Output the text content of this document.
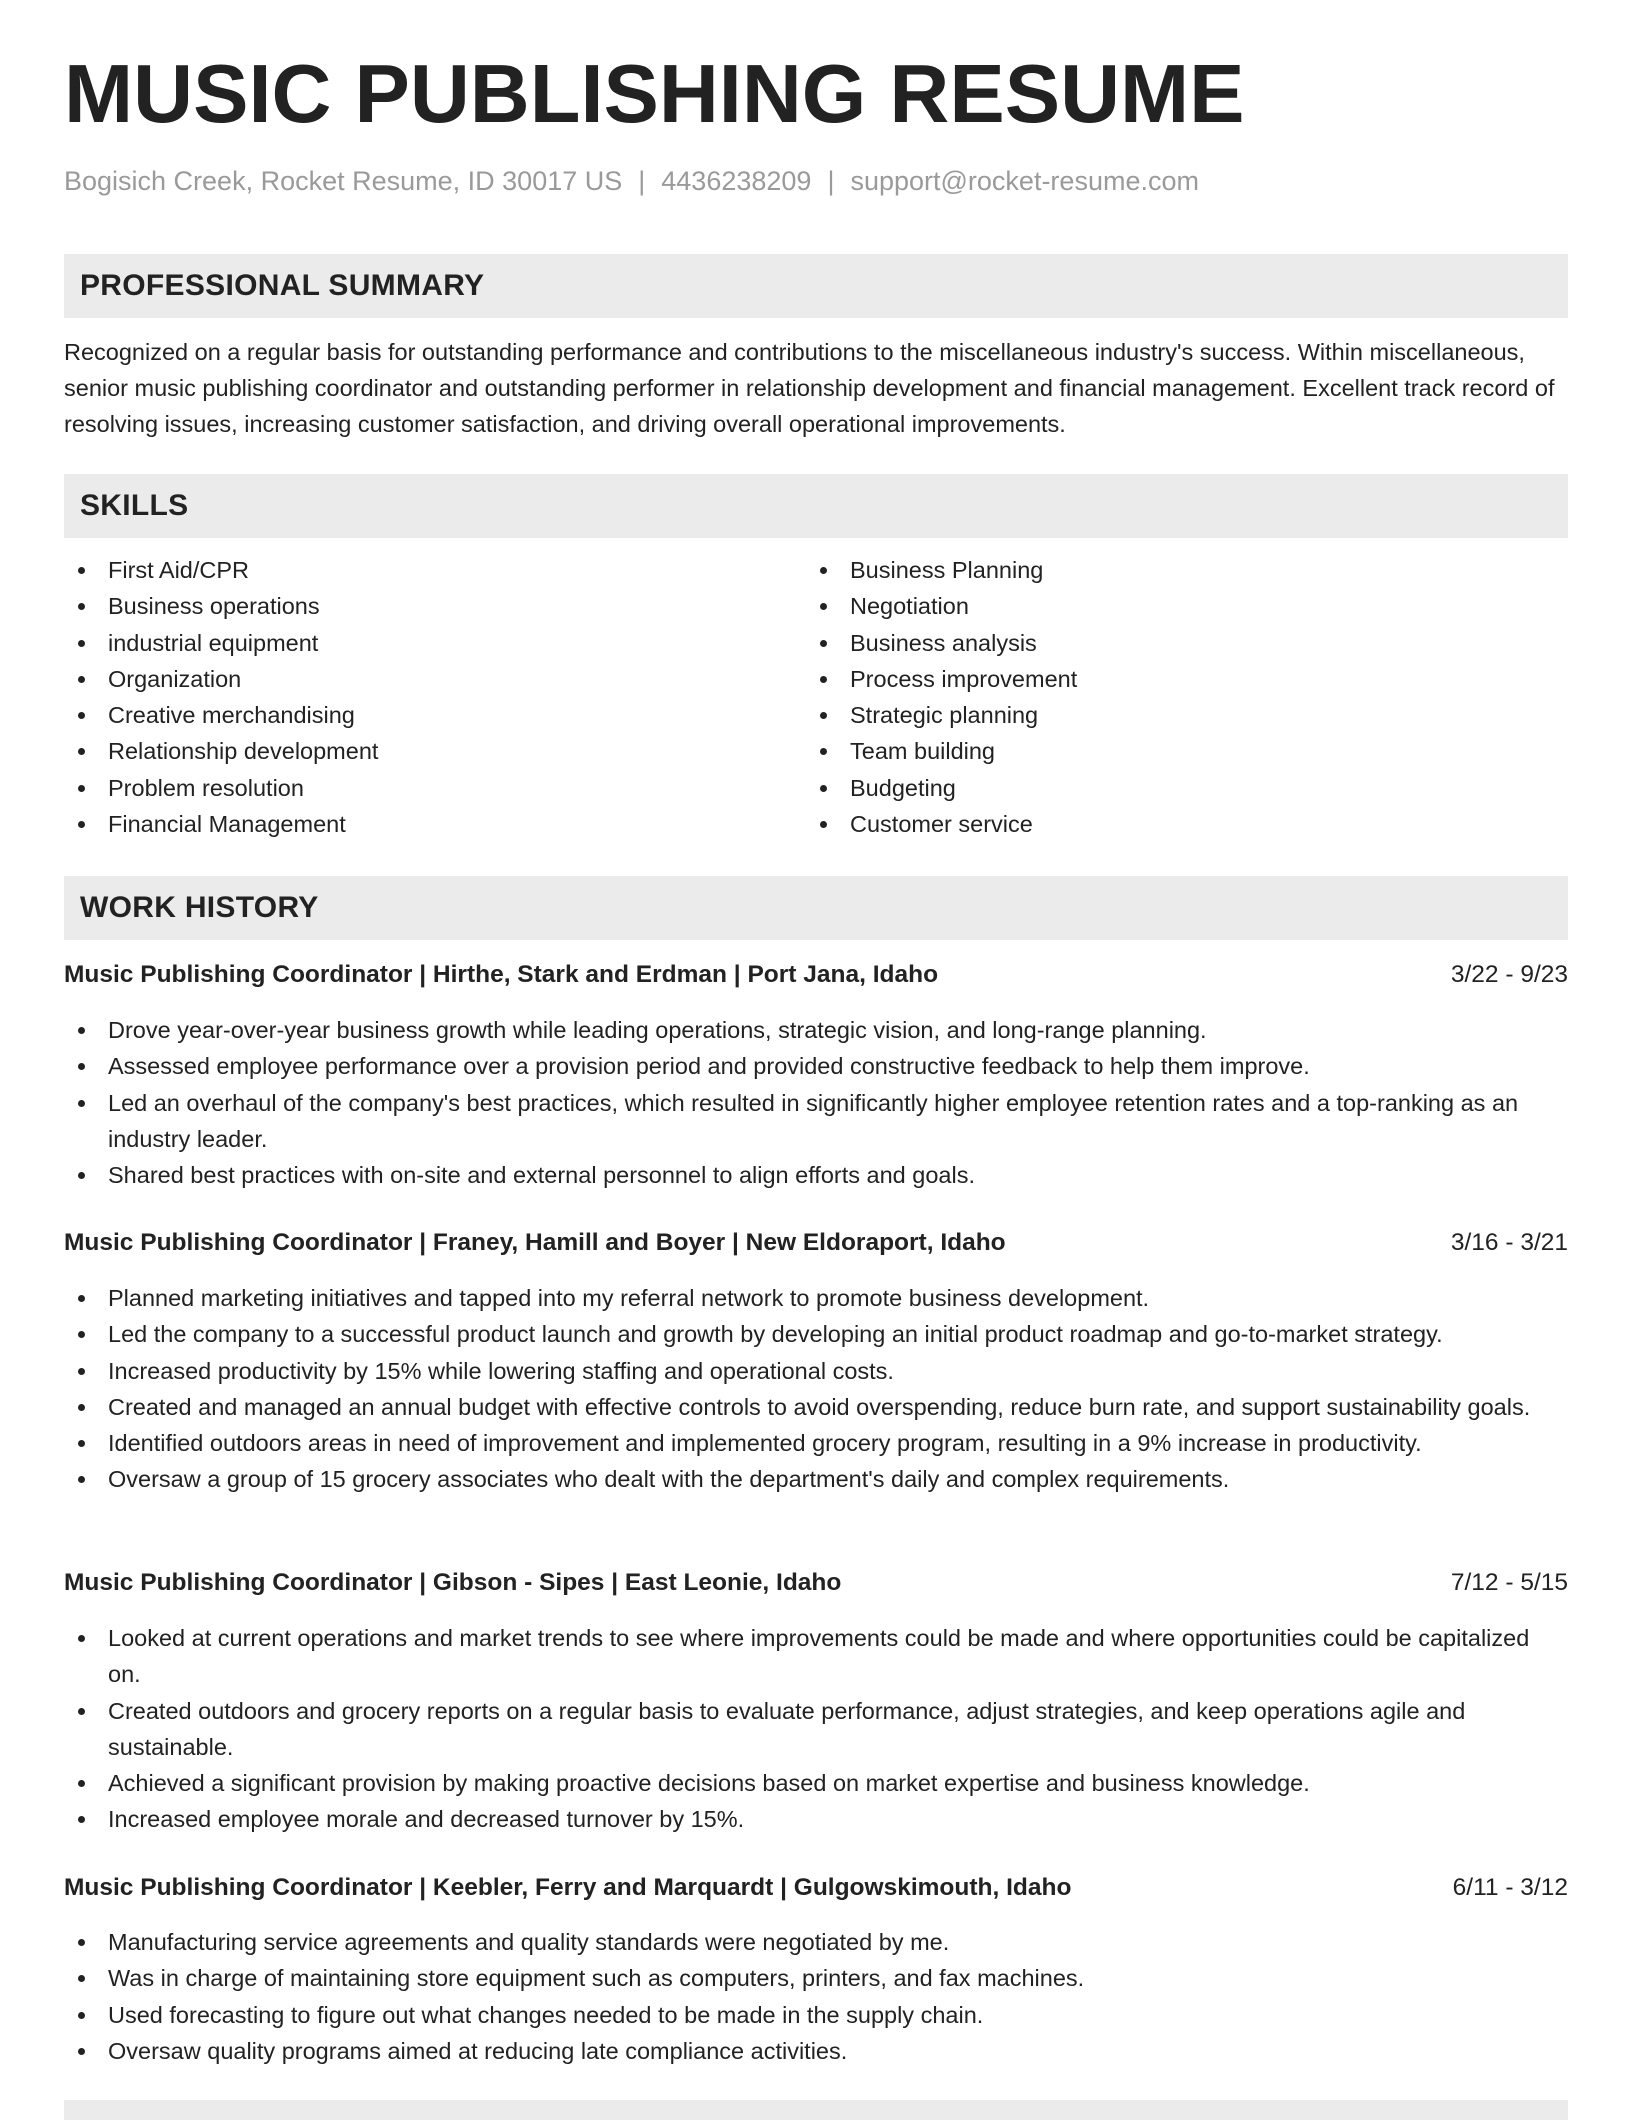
MUSIC PUBLISHING RESUME
Bogisich Creek, Rocket Resume, ID 30017 US | 4436238209 | support@rocket-resume.com
PROFESSIONAL SUMMARY

Recognized on a regular basis for outstanding performance and contributions to the miscellaneous industry's success. Within miscellaneous, senior music publishing coordinator and outstanding performer in relationship development and financial management. Excellent track record of resolving issues, increasing customer satisfaction, and driving overall operational improvements.

SKILLS
First Aid/CPR
Business operations
industrial equipment
Organization
Creative merchandising
Relationship development
Problem resolution
Financial Management
Business Planning
Negotiation
Business analysis
Process improvement
Strategic planning
Team building
Budgeting
Customer service
WORK HISTORY
Music Publishing Coordinator | Hirthe, Stark and Erdman | Port Jana, Idaho	3/22 - 9/23
Drove year-over-year business growth while leading operations, strategic vision, and long-range planning.
Assessed employee performance over a provision period and provided constructive feedback to help them improve.
Led an overhaul of the company's best practices, which resulted in significantly higher employee retention rates and a top-ranking as an industry leader.
Shared best practices with on-site and external personnel to align efforts and goals.
Music Publishing Coordinator | Franey, Hamill and Boyer | New Eldoraport, Idaho	3/16 - 3/21
Planned marketing initiatives and tapped into my referral network to promote business development.
Led the company to a successful product launch and growth by developing an initial product roadmap and go-to-market strategy.
Increased productivity by 15% while lowering staffing and operational costs.
Created and managed an annual budget with effective controls to avoid overspending, reduce burn rate, and support sustainability goals.
Identified outdoors areas in need of improvement and implemented grocery program, resulting in a 9% increase in productivity.
Oversaw a group of 15 grocery associates who dealt with the department's daily and complex requirements.
Music Publishing Coordinator | Gibson - Sipes | East Leonie, Idaho	7/12 - 5/15
Looked at current operations and market trends to see where improvements could be made and where opportunities could be capitalized on.
Created outdoors and grocery reports on a regular basis to evaluate performance, adjust strategies, and keep operations agile and sustainable.
Achieved a significant provision by making proactive decisions based on market expertise and business knowledge.
Increased employee morale and decreased turnover by 15%.
Music Publishing Coordinator | Keebler, Ferry and Marquardt | Gulgowskimouth, Idaho	6/11 - 3/12
Manufacturing service agreements and quality standards were negotiated by me.
Was in charge of maintaining store equipment such as computers, printers, and fax machines.
Used forecasting to figure out what changes needed to be made in the supply chain.
Oversaw quality programs aimed at reducing late compliance activities.
